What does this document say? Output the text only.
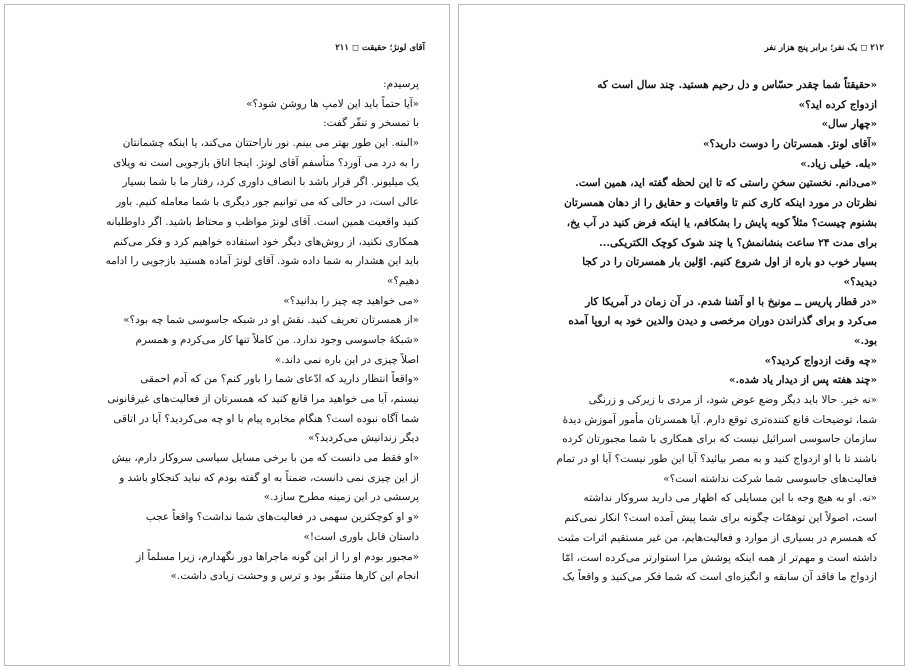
۲۱۲ ◻ یک نفر؛ برابر پنج هزار نفر
«حقیقتاً شما چقدر حسّاس و دل رحیم هستید. چند سال است که
ازدواج کرده اید؟»
«چهار سال»
«آقای لونژ. همسرتان را دوست دارید؟»
«بله. خیلی زیاد.»
«می‌دانم. نخستین سخنِ راستی که تا این لحظه گفته اید، همین است.
نظرتان در مورد اینکه کاری کنم تا واقعیات و حقایق را از دهان همسرتان
بشنوم چیست؟ مثلاً کوبه پایش را بشکافم، یا اینکه فرض کنید در آب یخ،
برای مدت ۲۴ ساعت بنشانمش؟ یا چند شوک کوچک الکتریکی...
بسیار خوب دو باره از اول شروع کنیم. اوّلین بار همسرتان را در کجا
دیدید؟»
«در قطار پاریس ــ مونیخ با او آشنا شدم. در آن زمان در آمریکا کار
می‌کرد و برای گذراندن دوران مرخصی و دیدن والدین خود به اروپا آمده
بود.»
«چه وقت ازدواج کردید؟»
«چند هفته پس از دیدار یاد شده.»
«نه خیر. حالا باید دیگر وضع عوض شود، از مردی با زیرکی و زرنگی
شما، توضیحات قانع کننده‌تری توقع دارم. آیا همسرتان مأمور آموزش دیدهٔ
سازمان جاسوسی اسرائیل نیست که برای همکاری با شما مجبورتان کرده
باشند تا با او ازدواج کنید و به مصر بیائید؟ آیا این طور نیست؟ آیا او در تمام
فعالیت‌های جاسوسی شما شرکت نداشته است؟»
«نه. او به هیچ وجه با این مسایلی که اظهار می دارید سروکار نداشته
است، اصولاً این توهمّات چگونه برای شما پیش آمده است؟ انکار نمی‌کنم
که همسرم در بسیاری از موارد و فعالیت‌هایم، من غیر مستقیم اثرات مثبت
داشته است و مهم‌تر از همه اینکه پوشش مرا استوارتر می‌کرده است، امّا
ازدواج ما فاقد آن سابقه و انگیزه‌ای است که شما فکر می‌کنید و واقعاً یک
آقای لونژ؛ حقیقت ◻ ۲۱۱
پرسیدم:
«آیا حتماً باید این لامپ ها روشن شود؟»
با تمسخر و تنفّر گفت:
«البته. این طور بهتر می بینم. نور ناراحتتان می‌کند، یا اینکه چشمانتان
را به درد می آورد؟ متأسفم آقای لونژ. اینجا اتاق بازجویی است نه ویلای
یک میلیونر. اگر قرار باشد با انصاف داوری کرد، رفتار ما با شما بسیار
عالی است، در حالی که می توانیم جور دیگری با شما معامله کنیم. باور
کنید واقعیت همین است. آقای لونژ مواظب و محتاط باشید. اگر داوطلبانه
همکاری نکنید، از روش‌های دیگر خود استفاده خواهیم کرد و فکر می‌کنم
باید این هشدار به شما داده شود. آقای لونژ آماده هستید بازجویی را ادامه
دهیم؟»
«می خواهید چه چیز را بدانید؟»
«از همسرتان تعریف کنید. نقش او در شبکه جاسوسی شما چه بود؟»
«شبکهٔ جاسوسی وجود ندارد. من کاملاً تنها کار می‌کردم و همسرم
اصلاً چیزی در این باره نمی داند.»
«واقعاً انتظار دارید که ادّعای شما را باور کنم؟ من که آدم احمقی
نیستم، آیا می خواهید مرا قانع کنید که همسرتان از فعالیت‌های غیرقانونی
شما آگاه نبوده است؟ هنگام مخابره پیام با او چه می‌کردید؟ آیا در اتاقی
دیگر زندانیش می‌کردید؟»
«او فقط می دانست که من با برخی مسایل سیاسی سروکار دارم، بیش
از این چیزی نمی دانست، ضمناً به او گفته بودم که نباید کنجکاو باشد و
پرسشی در این زمینه مطرح سازد.»
«و او کوچکترین سهمی در فعالیت‌های شما نداشت؟ واقعاً عجب
داستان قابل باوری است!»
«مجبور بودم او را از این گونه ماجراها دور نگهدارم، زیرا مسلماً از
انجام این کارها متنفّر بود و ترس و وحشت زیادی داشت.»
